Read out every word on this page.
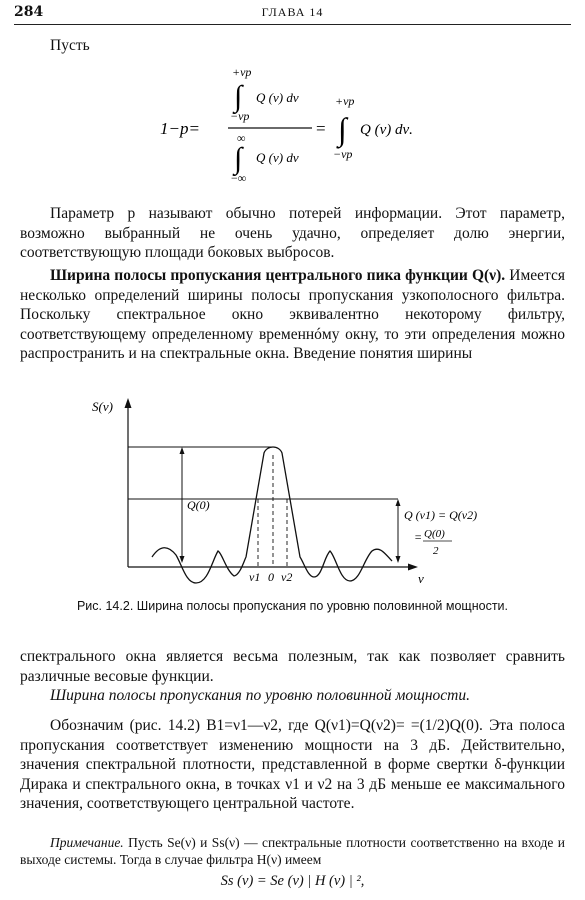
284	ГЛАВА 14
Пусть
1−p=
+νp
∫ Q (ν) dν
−νp
∞
∫ Q (ν) dν
−∞
=
+νp
∫ Q (ν) dν.
−νp
Параметр p называют обычно потерей информации. Этот параметр, возможно выбранный не очень удачно, определяет долю энергии, соответствующую площади боковых выбросов.
Ширина полосы пропускания центрального пика функции Q(ν). Имеется несколько определений ширины полосы пропускания узкополосного фильтра. Поскольку спектральное окно эквивалентно некоторому фильтру, соответствующему определенному временнóму окну, то эти определения можно распространить и на спектральные окна. Введение понятия ширины
S(ν)
ν
Q(0)
Q (ν1) = Q(ν2)
= Q(0)
2
ν1 0 ν2
Рис. 14.2. Ширина полосы пропускания по уровню половинной мощности.
спектрального окна является весьма полезным, так как позволяет сравнить различные весовые функции.
Ширина полосы пропускания по уровню половинной мощности.
Обозначим (рис. 14.2) B1=ν1—ν2, где Q(ν1)=Q(ν2)= =(1/2)Q(0). Эта полоса пропускания соответствует изменению мощности на 3 дБ. Действительно, значения спектральной плотности, представленной в форме свертки δ-функции Дирака и спектрального окна, в точках ν1 и ν2 на 3 дБ меньше ее максимального значения, соответствующего центральной частоте.
Примечание. Пусть Se(ν) и Ss(ν) — спектральные плотности соответственно на входе и выходе системы. Тогда в случае фильтра H(ν) имеем
Ss (ν) = Se (ν) | H (ν) | ²,
